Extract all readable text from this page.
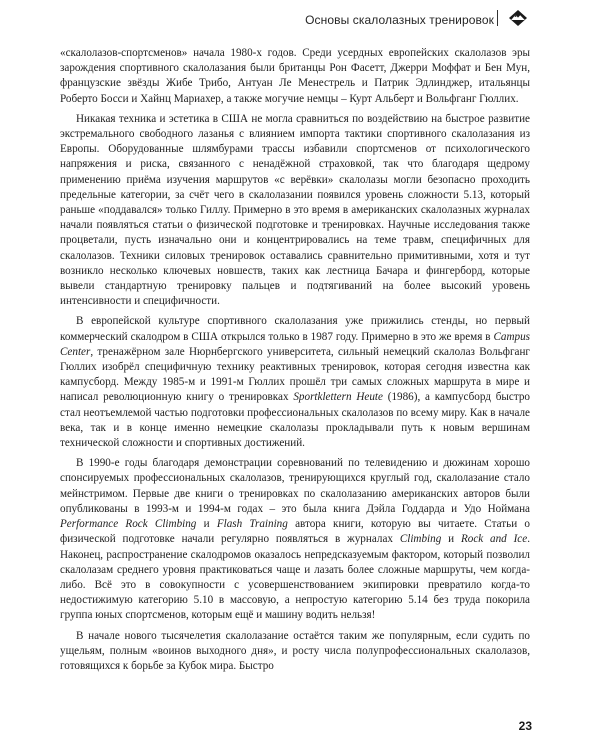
Основы скалолазных тренировок

«скалолазов-спортсменов» начала 1980-х годов. Среди усердных европейских скалолазов эры зарождения спортивного скалолазания были британцы Рон Фасетт, Джерри Моффат и Бен Мун, французские звёзды Жибе Трибо, Антуан Ле Менестрель и Патрик Эдлинджер, итальянцы Роберто Босси и Хайнц Мариахер, а также могучие немцы – Курт Альберт и Вольфганг Гюллих.

Никакая техника и эстетика в США не могла сравниться по воздействию на быстрое развитие экстремального свободного лазанья с влиянием импорта тактики спортивного скалолазания из Европы. Оборудованные шлямбурами трассы избавили спортсменов от психологического напряжения и риска, связанного с ненадёжной страховкой, так что благодаря щедрому применению приёма изучения маршрутов «с верёвки» скалолазы могли безопасно проходить предельные категории, за счёт чего в скалолазании появился уровень сложности 5.13, который раньше «поддавался» только Гиллу. Примерно в это время в американских скалолазных журналах начали появляться статьи о физической подготовке и тренировках. Научные исследования также процветали, пусть изначально они и концентрировались на теме травм, специфичных для скалолазов. Техники силовых тренировок оставались сравнительно примитивными, хотя и тут возникло несколько ключевых новшеств, таких как лестница Бачара и фингерборд, которые вывели стандартную тренировку пальцев и подтягиваний на более высокий уровень интенсивности и специфичности.

В европейской культуре спортивного скалолазания уже прижились стенды, но первый коммерческий скалодром в США открылся только в 1987 году. Примерно в это же время в Campus Center, тренажёрном зале Нюрнбергского университета, сильный немецкий скалолаз Вольфганг Гюллих изобрёл специфичную технику реактивных тренировок, которая сегодня известна как кампусборд. Между 1985-м и 1991-м Гюллих прошёл три самых сложных маршрута в мире и написал революционную книгу о тренировках Sportklettern Heute (1986), а кампусборд быстро стал неотъемлемой частью подготовки профессиональных скалолазов по всему миру. Как в начале века, так и в конце именно немецкие скалолазы прокладывали путь к новым вершинам технической сложности и спортивных достижений.

В 1990-е годы благодаря демонстрации соревнований по телевидению и дюжинам хорошо спонсируемых профессиональных скалолазов, тренирующихся круглый год, скалолазание стало мейнстримом. Первые две книги о тренировках по скалолазанию американских авторов были опубликованы в 1993-м и 1994-м годах – это была книга Дэйла Годдарда и Удо Ноймана Performance Rock Climbing и Flash Training автора книги, которую вы читаете. Статьи о физической подготовке начали регулярно появляться в журналах Climbing и Rock and Ice. Наконец, распространение скалодромов оказалось непредсказуемым фактором, который позволил скалолазам среднего уровня практиковаться чаще и лазать более сложные маршруты, чем когда-либо. Всё это в совокупности с усовершенствованием экипировки превратило когда-то недостижимую категорию 5.10 в массовую, а непростую категорию 5.14 без труда покорила группа юных спортсменов, которым ещё и машину водить нельзя!

В начале нового тысячелетия скалолазание остаётся таким же популярным, если судить по ущельям, полным «воинов выходного дня», и росту числа полупрофессиональных скалолазов, готовящихся к борьбе за Кубок мира. Быстро

23
